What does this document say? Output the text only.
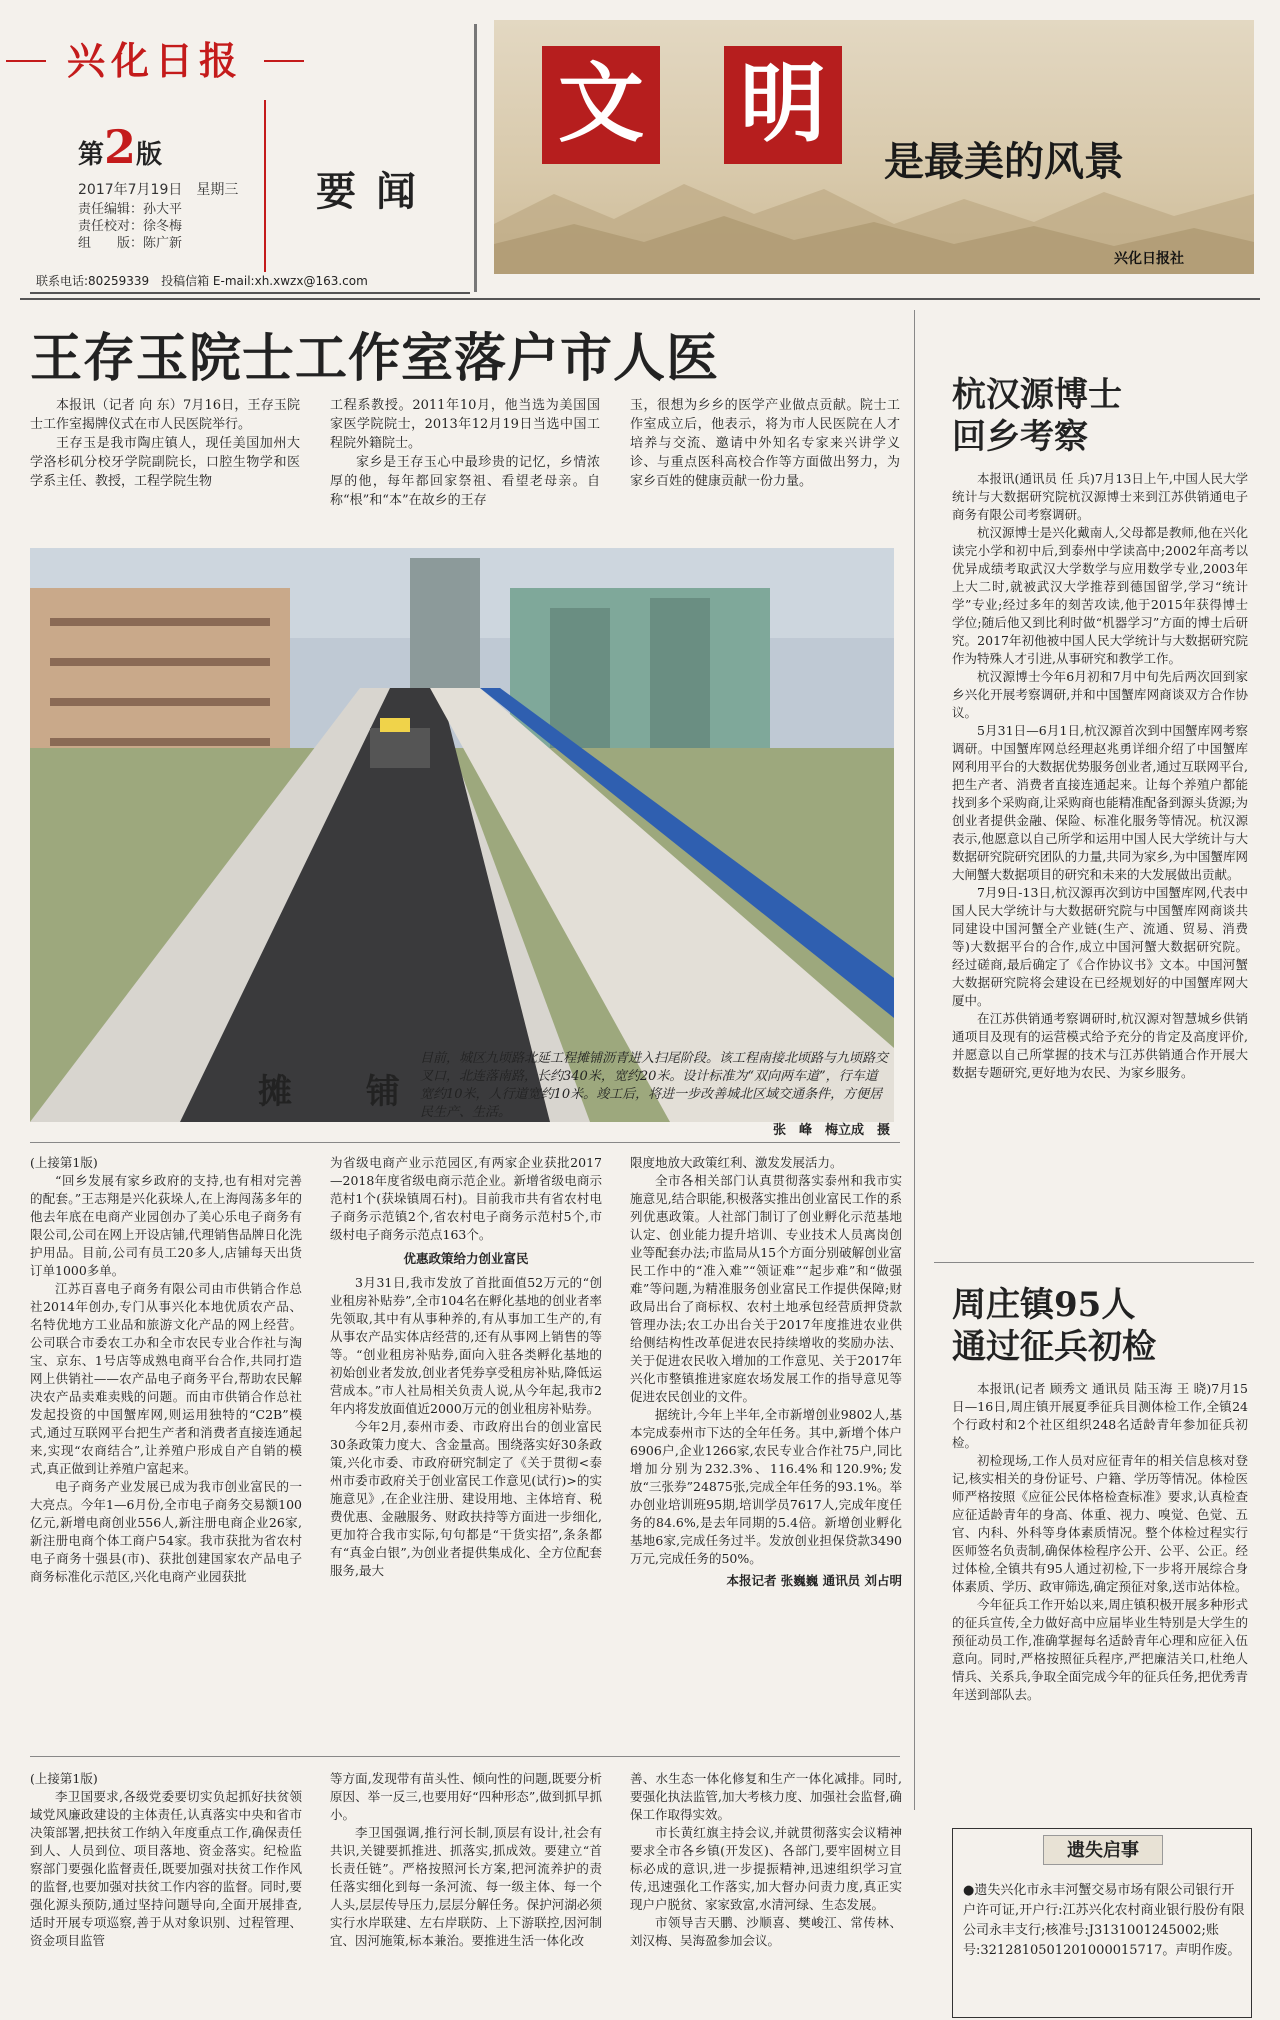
兴化日报
第2版
2017年7月19日　星期三
责任编辑：孙大平
责任校对：徐冬梅
组　　版：陈广新
要闻
联系电话:80259339　投稿信箱 E-mail:xh.xwzx@163.com
文 明
是最美的风景
兴化日报社
王存玉院士工作室落户市人医

本报讯（记者 向 东）7月16日，王存玉院士工作室揭牌仪式在市人民医院举行。

王存玉是我市陶庄镇人，现任美国加州大学洛杉矶分校牙学院副院长，口腔生物学和医学系主任、教授，工程学院生物

工程系教授。2011年10月，他当选为美国国家医学院院士，2013年12月19日当选中国工程院外籍院士。

家乡是王存玉心中最珍贵的记忆，乡情浓厚的他，每年都回家祭祖、看望老母亲。自称“根”和“本”在故乡的王存

玉，很想为乡乡的医学产业做点贡献。院士工作室成立后，他表示，将为市人民医院在人才培养与交流、邀请中外知名专家来兴讲学义诊、与重点医科高校合作等方面做出努力，为家乡百姓的健康贡献一份力量。

摊　铺
目前，城区九顷路北延工程摊铺沥青进入扫尾阶段。该工程南接北顷路与九顷路交叉口，北连落南路，长约340米，宽约20米。设计标准为“双向两车道”，行车道宽约10米，人行道宽约10米。竣工后，将进一步改善城北区域交通条件，方便居民生产、生活。
张　峰　梅立成　摄
杭汉源博士
回乡考察

本报讯(通讯员 任 兵)7月13日上午,中国人民大学统计与大数据研究院杭汉源博士来到江苏供销通电子商务有限公司考察调研。

杭汉源博士是兴化戴南人,父母都是教师,他在兴化读完小学和初中后,到泰州中学读高中;2002年高考以优异成绩考取武汉大学数学与应用数学专业,2003年上大二时,就被武汉大学推荐到德国留学,学习“统计学”专业;经过多年的刻苦攻读,他于2015年获得博士学位;随后他又到比利时做“机器学习”方面的博士后研究。2017年初他被中国人民大学统计与大数据研究院作为特殊人才引进,从事研究和教学工作。

杭汉源博士今年6月初和7月中旬先后两次回到家乡兴化开展考察调研,并和中国蟹库网商谈双方合作协议。

5月31日—6月1日,杭汉源首次到中国蟹库网考察调研。中国蟹库网总经理赵兆勇详细介绍了中国蟹库网利用平台的大数据优势服务创业者,通过互联网平台,把生产者、消费者直接连通起来。让每个养殖户都能找到多个采购商,让采购商也能精准配备到源头货源;为创业者提供金融、保险、标准化服务等情况。杭汉源表示,他愿意以自己所学和运用中国人民大学统计与大数据研究院研究团队的力量,共同为家乡,为中国蟹库网大闸蟹大数据项目的研究和未来的大发展做出贡献。

7月9日-13日,杭汉源再次到访中国蟹库网,代表中国人民大学统计与大数据研究院与中国蟹库网商谈共同建设中国河蟹全产业链(生产、流通、贸易、消费等)大数据平台的合作,成立中国河蟹大数据研究院。经过磋商,最后确定了《合作协议书》文本。中国河蟹大数据研究院将会建设在已经规划好的中国蟹库网大厦中。

在江苏供销通考察调研时,杭汉源对智慧城乡供销通项目及现有的运营模式给予充分的肯定及高度评价,并愿意以自己所掌握的技术与江苏供销通合作开展大数据专题研究,更好地为农民、为家乡服务。

周庄镇95人
通过征兵初检

本报讯(记者 顾秀文 通讯员 陆玉海 王 晓)7月15日—16日,周庄镇开展夏季征兵目测体检工作,全镇24个行政村和2个社区组织248名适龄青年参加征兵初检。

初检现场,工作人员对应征青年的相关信息核对登记,核实相关的身份证号、户籍、学历等情况。体检医师严格按照《应征公民体格检查标准》要求,认真检查应征适龄青年的身高、体重、视力、嗅觉、色觉、五官、内科、外科等身体素质情况。整个体检过程实行医师签名负责制,确保体检程序公开、公平、公正。经过体检,全镇共有95人通过初检,下一步将开展综合身体素质、学历、政审筛选,确定预征对象,送市站体检。

今年征兵工作开始以来,周庄镇积极开展多种形式的征兵宣传,全力做好高中应届毕业生特别是大学生的预征动员工作,准确掌握每名适龄青年心理和应征入伍意向。同时,严格按照征兵程序,严把廉洁关口,杜绝人情兵、关系兵,争取全面完成今年的征兵任务,把优秀青年送到部队去。

(上接第1版)

“回乡发展有家乡政府的支持,也有相对完善的配套。”王志翔是兴化荻垛人,在上海闯荡多年的他去年底在电商产业园创办了美心乐电子商务有限公司,公司在网上开设店铺,代理销售品牌日化洗护用品。目前,公司有员工20多人,店铺每天出货订单1000多单。

江苏百喜电子商务有限公司由市供销合作总社2014年创办,专门从事兴化本地优质农产品、名特优地方工业品和旅游文化产品的网上经营。公司联合市委农工办和全市农民专业合作社与淘宝、京东、1号店等成熟电商平台合作,共同打造网上供销社——农产品电子商务平台,帮助农民解决农产品卖难卖贱的问题。而由市供销合作总社发起投资的中国蟹库网,则运用独特的“C2B”模式,通过互联网平台把生产者和消费者直接连通起来,实现“农商结合”,让养殖户形成自产自销的模式,真正做到让养殖户富起来。

电子商务产业发展已成为我市创业富民的一大亮点。今年1—6月份,全市电子商务交易额100亿元,新增电商创业556人,新注册电商企业26家,新注册电商个体工商户54家。我市获批为省农村电子商务十强县(市)、获批创建国家农产品电子商务标准化示范区,兴化电商产业园获批

为省级电商产业示范园区,有两家企业获批2017—2018年度省级电商示范企业。新增省级电商示范村1个(获垛镇周石村)。目前我市共有省农村电子商务示范镇2个,省农村电子商务示范村5个,市级村电子商务示范点163个。

优惠政策给力创业富民

3月31日,我市发放了首批面值52万元的“创业租房补贴券”,全市104名在孵化基地的创业者率先领取,其中有从事种养的,有从事加工生产的,有从事农产品实体店经营的,还有从事网上销售的等等。“创业租房补贴券,面向入驻各类孵化基地的初始创业者发放,创业者凭券享受租房补贴,降低运营成本。”市人社局相关负责人说,从今年起,我市2年内将发放面值近2000万元的创业租房补贴券。

今年2月,泰州市委、市政府出台的创业富民30条政策力度大、含金量高。围绕落实好30条政策,兴化市委、市政府研究制定了《关于贯彻<泰州市委市政府关于创业富民工作意见(试行)>的实施意见》,在企业注册、建设用地、主体培育、税费优惠、金融服务、财政扶持等方面进一步细化,更加符合我市实际,句句都是“干货实招”,条条都有“真金白银”,为创业者提供集成化、全方位配套服务,最大

限度地放大政策红利、激发发展活力。

全市各相关部门认真贯彻落实泰州和我市实施意见,结合职能,积极落实推出创业富民工作的系列优惠政策。人社部门制订了创业孵化示范基地认定、创业能力提升培训、专业技术人员离岗创业等配套办法;市监局从15个方面分别破解创业富民工作中的“准入难”“领证难”“起步难”和“做强难”等问题,为精准服务创业富民工作提供保障;财政局出台了商标权、农村土地承包经营质押贷款管理办法;农工办出台关于2017年度推进农业供给侧结构性改革促进农民持续增收的奖励办法、关于促进农民收入增加的工作意见、关于2017年兴化市整镇推进家庭农场发展工作的指导意见等促进农民创业的文件。

据统计,今年上半年,全市新增创业9802人,基本完成泰州市下达的全年任务。其中,新增个体户6906户,企业1266家,农民专业合作社75户,同比增加分别为232.3%、116.4%和120.9%;发放“三张券”24875张,完成全年任务的93.1%。举办创业培训班95期,培训学员7617人,完成年度任务的84.6%,是去年同期的5.4倍。新增创业孵化基地6家,完成任务过半。发放创业担保贷款3490万元,完成任务的50%。

本报记者 张巍巍 通讯员 刘占明

(上接第1版)

李卫国要求,各级党委要切实负起抓好扶贫领域党风廉政建设的主体责任,认真落实中央和省市决策部署,把扶贫工作纳入年度重点工作,确保责任到人、人员到位、项目落地、资金落实。纪检监察部门要强化监督责任,既要加强对扶贫工作作风的监督,也要加强对扶贫工作内容的监督。同时,要强化源头预防,通过坚持问题导向,全面开展排查,适时开展专项巡察,善于从对象识别、过程管理、资金项目监管

等方面,发现带有苗头性、倾向性的问题,既要分析原因、举一反三,也要用好“四种形态”,做到抓早抓小。

李卫国强调,推行河长制,顶层有设计,社会有共识,关键要抓推进、抓落实,抓成效。要建立“首长责任链”。严格按照河长方案,把河流养护的责任落实细化到每一条河流、每一级主体、每一个人头,层层传导压力,层层分解任务。保护河湖必须实行水岸联建、左右岸联防、上下游联控,因河制宜、因河施策,标本兼治。要推进生活一体化改

善、水生态一体化修复和生产一体化减排。同时,要强化执法监管,加大考核力度、加强社会监督,确保工作取得实效。

市长黄红旗主持会议,并就贯彻落实会议精神要求全市各乡镇(开发区)、各部门,要牢固树立目标必成的意识,进一步提振精神,迅速组织学习宣传,迅速强化工作落实,加大督办问责力度,真正实现户户脱贫、家家致富,水清河绿、生态发展。

市领导吉天鹏、沙顺喜、樊峻江、常传林、刘汉梅、吴海盈参加会议。

遗失启事
●遗失兴化市永丰河蟹交易市场有限公司银行开户许可证,开户行:江苏兴化农村商业银行股份有限公司永丰支行;核准号:J3131001245002;账号:3212810501201000015717。声明作废。
